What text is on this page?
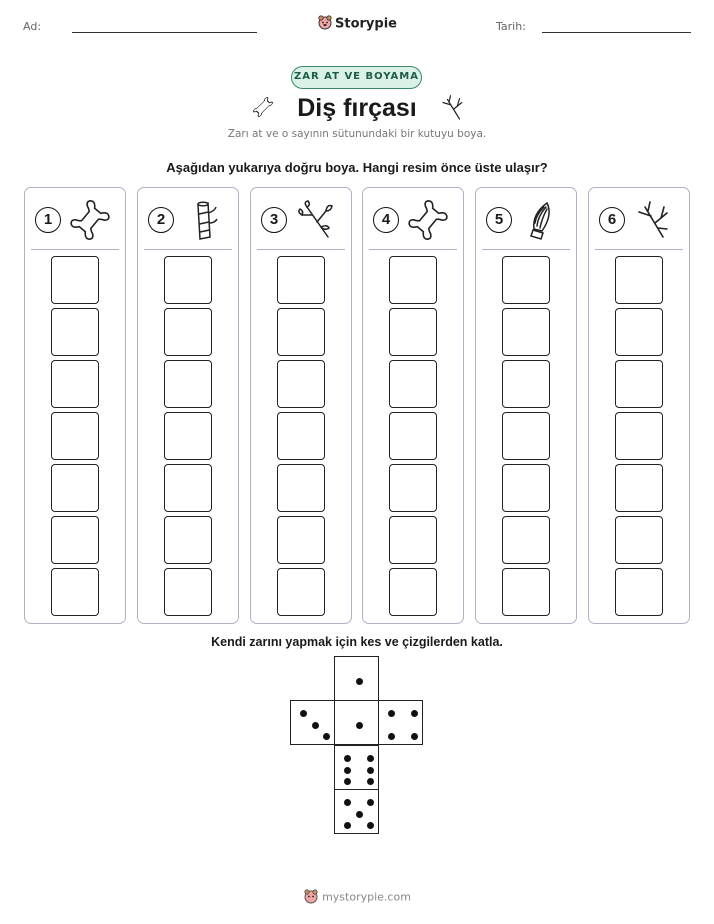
Ad:	Storypie	Tarih:
ZAR AT VE BOYAMA
Diş fırçası
Zarı at ve o sayının sütunundaki bir kutuyu boya.
Aşağıdan yukarıya doğru boya. Hangi resim önce üste ulaşır?
1	2	3	4	5	6
Kendi zarını yapmak için kes ve çizgilerden katla.
mystorypie.com
